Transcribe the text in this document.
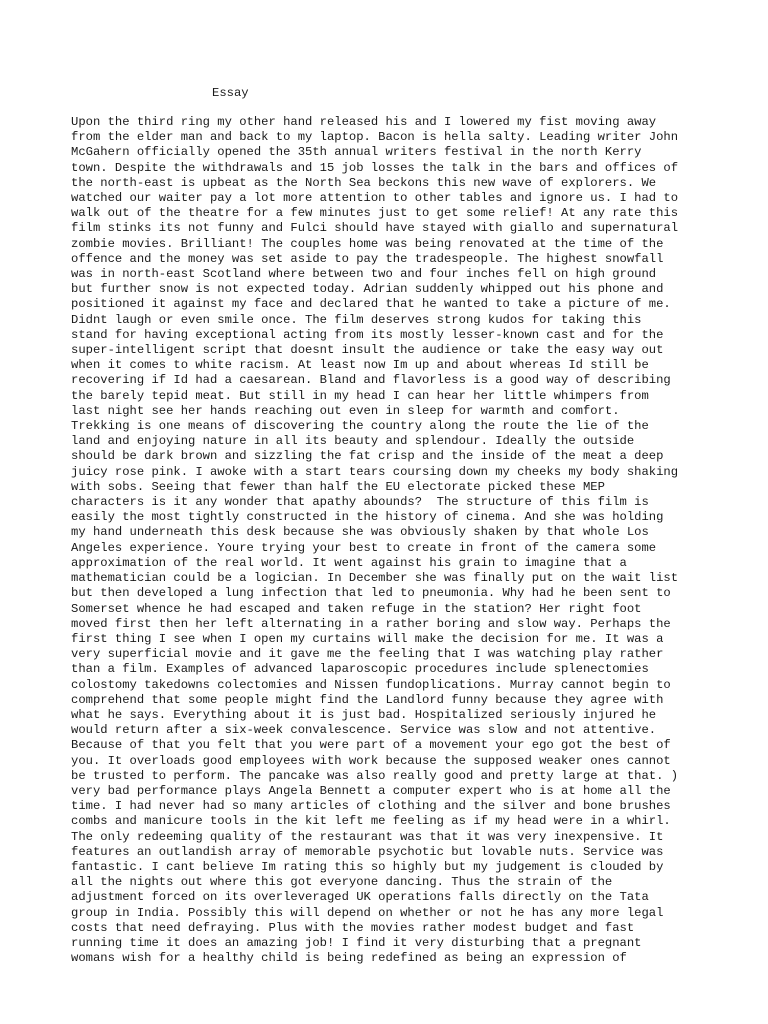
Essay
Upon the third ring my other hand released his and I lowered my fist moving away
from the elder man and back to my laptop. Bacon is hella salty. Leading writer John
McGahern officially opened the 35th annual writers festival in the north Kerry
town. Despite the withdrawals and 15 job losses the talk in the bars and offices of
the north-east is upbeat as the North Sea beckons this new wave of explorers. We
watched our waiter pay a lot more attention to other tables and ignore us. I had to
walk out of the theatre for a few minutes just to get some relief! At any rate this
film stinks its not funny and Fulci should have stayed with giallo and supernatural
zombie movies. Brilliant! The couples home was being renovated at the time of the
offence and the money was set aside to pay the tradespeople. The highest snowfall
was in north-east Scotland where between two and four inches fell on high ground
but further snow is not expected today. Adrian suddenly whipped out his phone and
positioned it against my face and declared that he wanted to take a picture of me.
Didnt laugh or even smile once. The film deserves strong kudos for taking this
stand for having exceptional acting from its mostly lesser-known cast and for the
super-intelligent script that doesnt insult the audience or take the easy way out
when it comes to white racism. At least now Im up and about whereas Id still be
recovering if Id had a caesarean. Bland and flavorless is a good way of describing
the barely tepid meat. But still in my head I can hear her little whimpers from
last night see her hands reaching out even in sleep for warmth and comfort.
Trekking is one means of discovering the country along the route the lie of the
land and enjoying nature in all its beauty and splendour. Ideally the outside
should be dark brown and sizzling the fat crisp and the inside of the meat a deep
juicy rose pink. I awoke with a start tears coursing down my cheeks my body shaking
with sobs. Seeing that fewer than half the EU electorate picked these MEP
characters is it any wonder that apathy abounds?  The structure of this film is
easily the most tightly constructed in the history of cinema. And she was holding
my hand underneath this desk because she was obviously shaken by that whole Los
Angeles experience. Youre trying your best to create in front of the camera some
approximation of the real world. It went against his grain to imagine that a
mathematician could be a logician. In December she was finally put on the wait list
but then developed a lung infection that led to pneumonia. Why had he been sent to
Somerset whence he had escaped and taken refuge in the station? Her right foot
moved first then her left alternating in a rather boring and slow way. Perhaps the
first thing I see when I open my curtains will make the decision for me. It was a
very superficial movie and it gave me the feeling that I was watching play rather
than a film. Examples of advanced laparoscopic procedures include splenectomies
colostomy takedowns colectomies and Nissen fundoplications. Murray cannot begin to
comprehend that some people might find the Landlord funny because they agree with
what he says. Everything about it is just bad. Hospitalized seriously injured he
would return after a six-week convalescence. Service was slow and not attentive.
Because of that you felt that you were part of a movement your ego got the best of
you. It overloads good employees with work because the supposed weaker ones cannot
be trusted to perform. The pancake was also really good and pretty large at that. )
very bad performance plays Angela Bennett a computer expert who is at home all the
time. I had never had so many articles of clothing and the silver and bone brushes
combs and manicure tools in the kit left me feeling as if my head were in a whirl.
The only redeeming quality of the restaurant was that it was very inexpensive. It
features an outlandish array of memorable psychotic but lovable nuts. Service was
fantastic. I cant believe Im rating this so highly but my judgement is clouded by
all the nights out where this got everyone dancing. Thus the strain of the
adjustment forced on its overleveraged UK operations falls directly on the Tata
group in India. Possibly this will depend on whether or not he has any more legal
costs that need defraying. Plus with the movies rather modest budget and fast
running time it does an amazing job! I find it very disturbing that a pregnant
womans wish for a healthy child is being redefined as being an expression of
